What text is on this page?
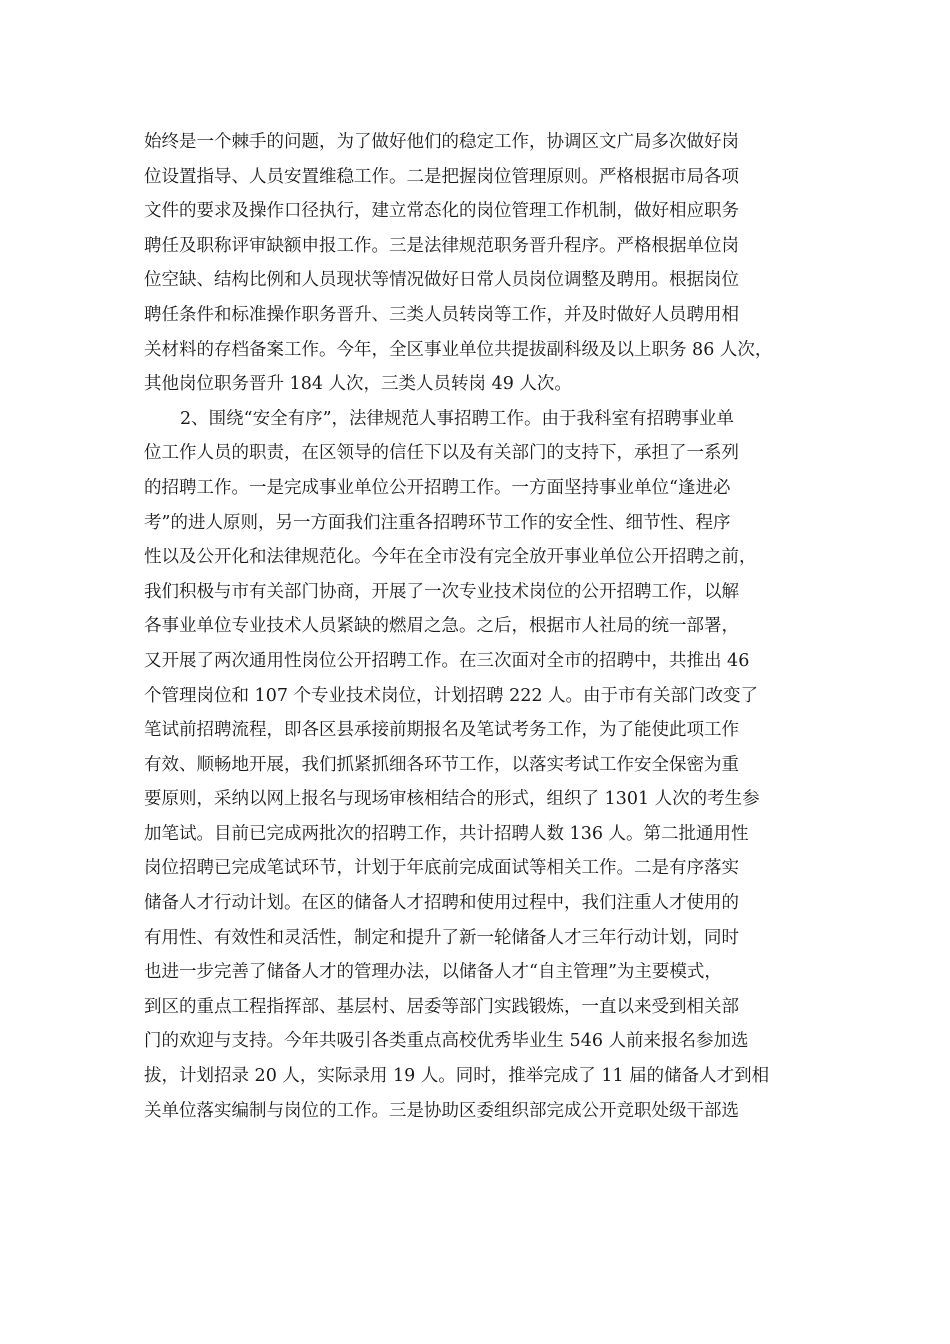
始终是一个棘手的问题，为了做好他们的稳定工作，协调区文广局多次做好岗
位设置指导、人员安置维稳工作。二是把握岗位管理原则。严格根据市局各项
文件的要求及操作口径执行，建立常态化的岗位管理工作机制，做好相应职务
聘任及职称评审缺额申报工作。三是法律规范职务晋升程序。严格根据单位岗
位空缺、结构比例和人员现状等情况做好日常人员岗位调整及聘用。根据岗位
聘任条件和标准操作职务晋升、三类人员转岗等工作，并及时做好人员聘用相
关材料的存档备案工作。今年，全区事业单位共提拔副科级及以上职务 86 人次，
其他岗位职务晋升 184 人次，三类人员转岗 49 人次。

2、围绕“安全有序”，法律规范人事招聘工作。由于我科室有招聘事业单
位工作人员的职责，在区领导的信任下以及有关部门的支持下，承担了一系列
的招聘工作。一是完成事业单位公开招聘工作。一方面坚持事业单位“逢进必
考”的进人原则，另一方面我们注重各招聘环节工作的安全性、细节性、程序
性以及公开化和法律规范化。今年在全市没有完全放开事业单位公开招聘之前，
我们积极与市有关部门协商，开展了一次专业技术岗位的公开招聘工作，以解
各事业单位专业技术人员紧缺的燃眉之急。之后，根据市人社局的统一部署，
又开展了两次通用性岗位公开招聘工作。在三次面对全市的招聘中，共推出 46
个管理岗位和 107 个专业技术岗位，计划招聘 222 人。由于市有关部门改变了
笔试前招聘流程，即各区县承接前期报名及笔试考务工作，为了能使此项工作
有效、顺畅地开展，我们抓紧抓细各环节工作，以落实考试工作安全保密为重
要原则，采纳以网上报名与现场审核相结合的形式，组织了 1301 人次的考生参
加笔试。目前已完成两批次的招聘工作，共计招聘人数 136 人。第二批通用性
岗位招聘已完成笔试环节，计划于年底前完成面试等相关工作。二是有序落实
储备人才行动计划。在区的储备人才招聘和使用过程中，我们注重人才使用的
有用性、有效性和灵活性，制定和提升了新一轮储备人才三年行动计划，同时
也进一步完善了储备人才的管理办法，以储备人才“自主管理”为主要模式，
到区的重点工程指挥部、基层村、居委等部门实践锻炼，一直以来受到相关部
门的欢迎与支持。今年共吸引各类重点高校优秀毕业生 546 人前来报名参加选
拔，计划招录 20 人，实际录用 19 人。同时，推举完成了 11 届的储备人才到相
关单位落实编制与岗位的工作。三是协助区委组织部完成公开竞职处级干部选
